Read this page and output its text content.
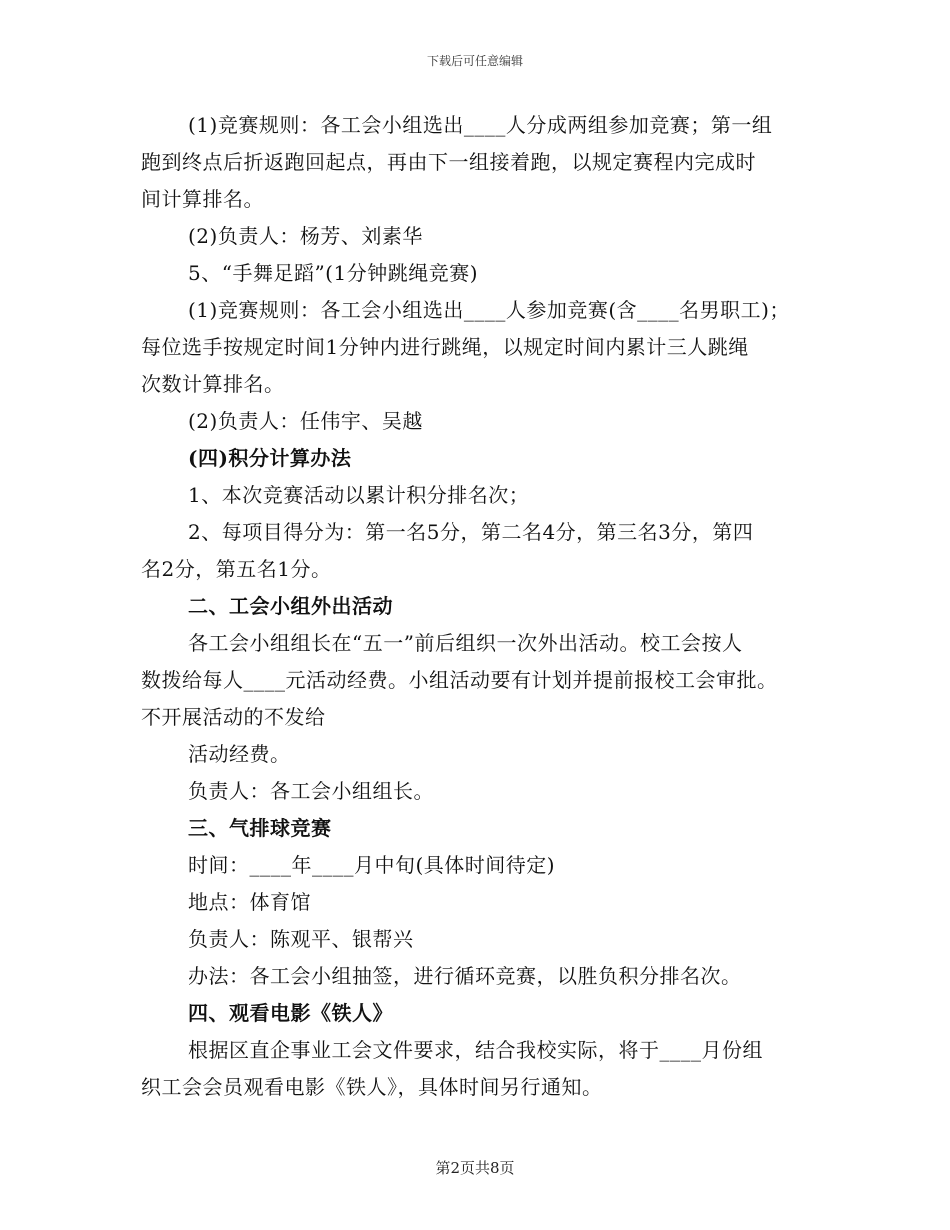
下载后可任意编辑
(1)竞赛规则：各工会小组选出____人分成两组参加竞赛；第一组
跑到终点后折返跑回起点，再由下一组接着跑，以规定赛程内完成时
间计算排名。
(2)负责人：杨芳、刘素华
5、“手舞足蹈”(1分钟跳绳竞赛)
(1)竞赛规则：各工会小组选出____人参加竞赛(含____名男职工)；
每位选手按规定时间1分钟内进行跳绳，以规定时间内累计三人跳绳
次数计算排名。
(2)负责人：任伟宇、吴越
(四)积分计算办法
1、本次竞赛活动以累计积分排名次；
2、每项目得分为：第一名5分，第二名4分，第三名3分，第四
名2分，第五名1分。
二、工会小组外出活动
各工会小组组长在“五一”前后组织一次外出活动。校工会按人
数拨给每人____元活动经费。小组活动要有计划并提前报校工会审批。
不开展活动的不发给
活动经费。
负责人：各工会小组组长。
三、气排球竞赛
时间：____年____月中旬(具体时间待定)
地点：体育馆
负责人：陈观平、银帮兴
办法：各工会小组抽签，进行循环竞赛，以胜负积分排名次。
四、观看电影《铁人》
根据区直企事业工会文件要求，结合我校实际，将于____月份组
织工会会员观看电影《铁人》，具体时间另行通知。
第2页共8页
